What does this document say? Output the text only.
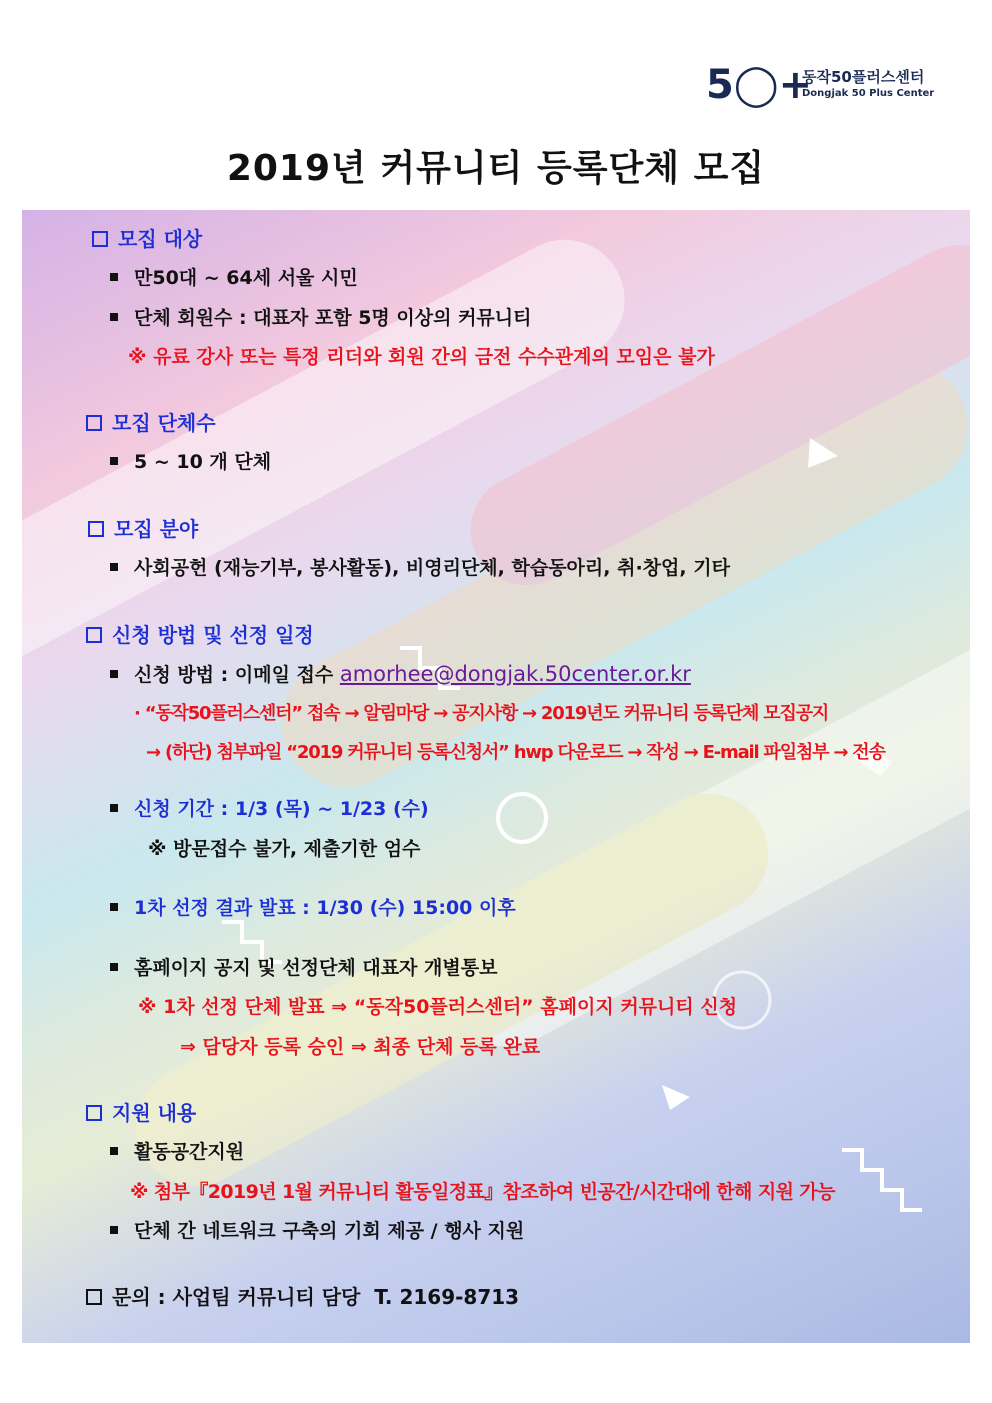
5◯+
동작50플러스센터
Dongjak 50 Plus Center
2019년 커뮤니티 등록단체 모집
모집 대상
만50대 ~ 64세 서울 시민
단체 회원수 : 대표자 포함 5명 이상의 커뮤니티
※ 유료 강사 또는 특정 리더와 회원 간의 금전 수수관계의 모임은 불가
모집 단체수
5 ~ 10 개 단체
모집 분야
사회공헌 (재능기부, 봉사활동), 비영리단체, 학습동아리, 취·창업, 기타
신청 방법 및 선정 일정
신청 방법 : 이메일 접수 amorhee@dongjak.50center.or.kr
· “동작50플러스센터” 접속 → 알림마당 → 공지사항 → 2019년도 커뮤니티 등록단체 모집공지
→ (하단) 첨부파일 “2019 커뮤니티 등록신청서” hwp 다운로드 → 작성 → E-mail 파일첨부 → 전송
신청 기간 : 1/3 (목) ~ 1/23 (수)
※ 방문접수 불가, 제출기한 엄수
1차 선정 결과 발표 : 1/30 (수) 15:00 이후
홈페이지 공지 및 선정단체 대표자 개별통보
※ 1차 선정 단체 발표 ⇒ “동작50플러스센터” 홈페이지 커뮤니티 신청
⇒ 담당자 등록 승인 ⇒ 최종 단체 등록 완료
지원 내용
활동공간지원
※ 첨부『2019년 1월 커뮤니티 활동일정표』참조하여 빈공간/시간대에 한해 지원 가능
단체 간 네트워크 구축의 기회 제공 / 행사 지원
문의 : 사업팀 커뮤니티 담당  T. 2169-8713
